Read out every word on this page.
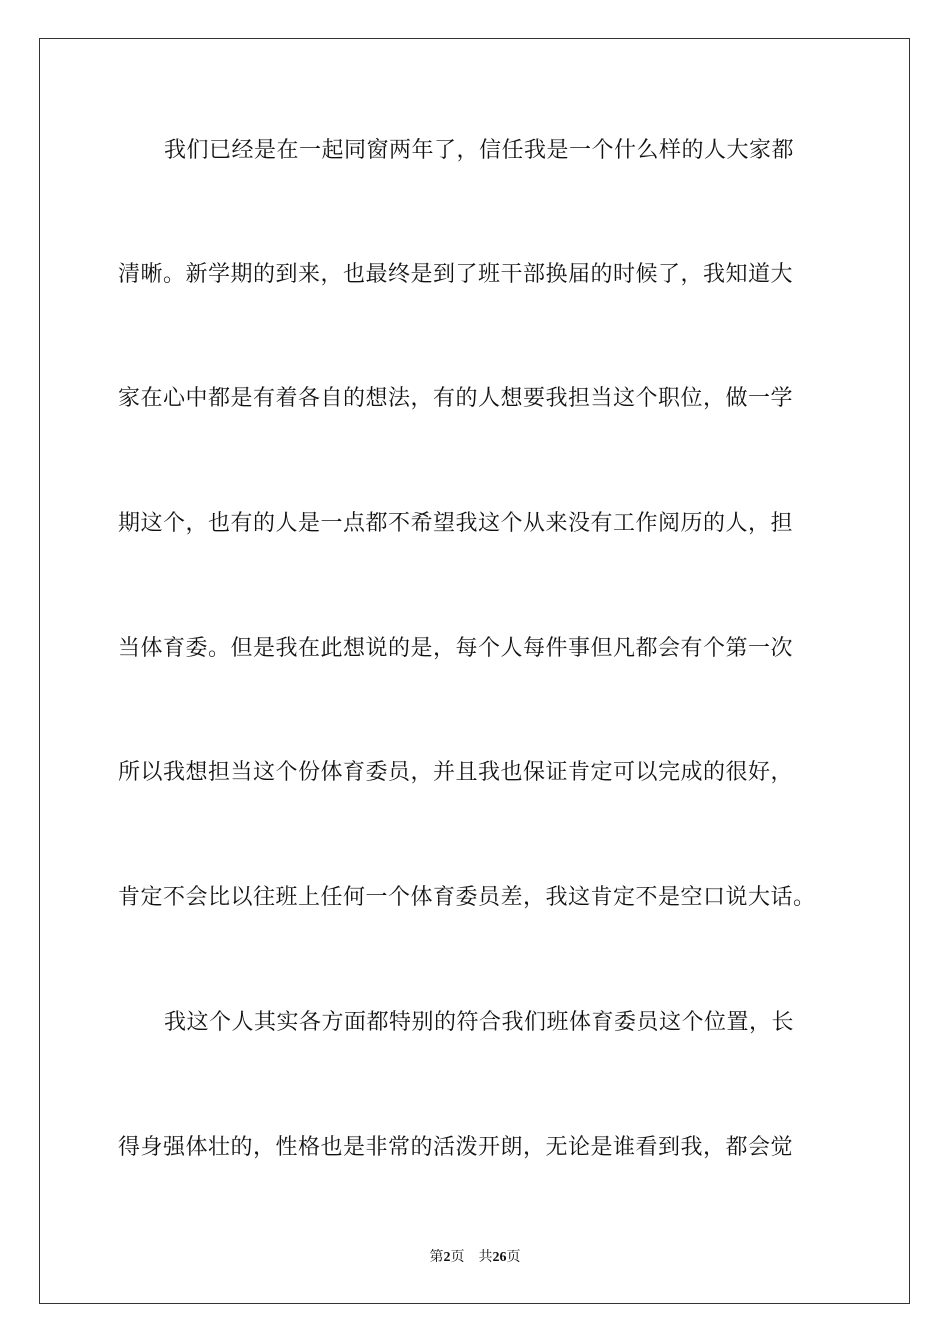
我们已经是在一起同窗两年了，信任我是一个什么样的人大家都
清晰。新学期的到来，也最终是到了班干部换届的时候了，我知道大
家在心中都是有着各自的想法，有的人想要我担当这个职位，做一学
期这个，也有的人是一点都不希望我这个从来没有工作阅历的人，担
当体育委。但是我在此想说的是，每个人每件事但凡都会有个第一次
所以我想担当这个份体育委员，并且我也保证肯定可以完成的很好，
肯定不会比以往班上任何一个体育委员差，我这肯定不是空口说大话。
我这个人其实各方面都特别的符合我们班体育委员这个位置，长
得身强体壮的，性格也是非常的活泼开朗，无论是谁看到我，都会觉
第2页 共26页
